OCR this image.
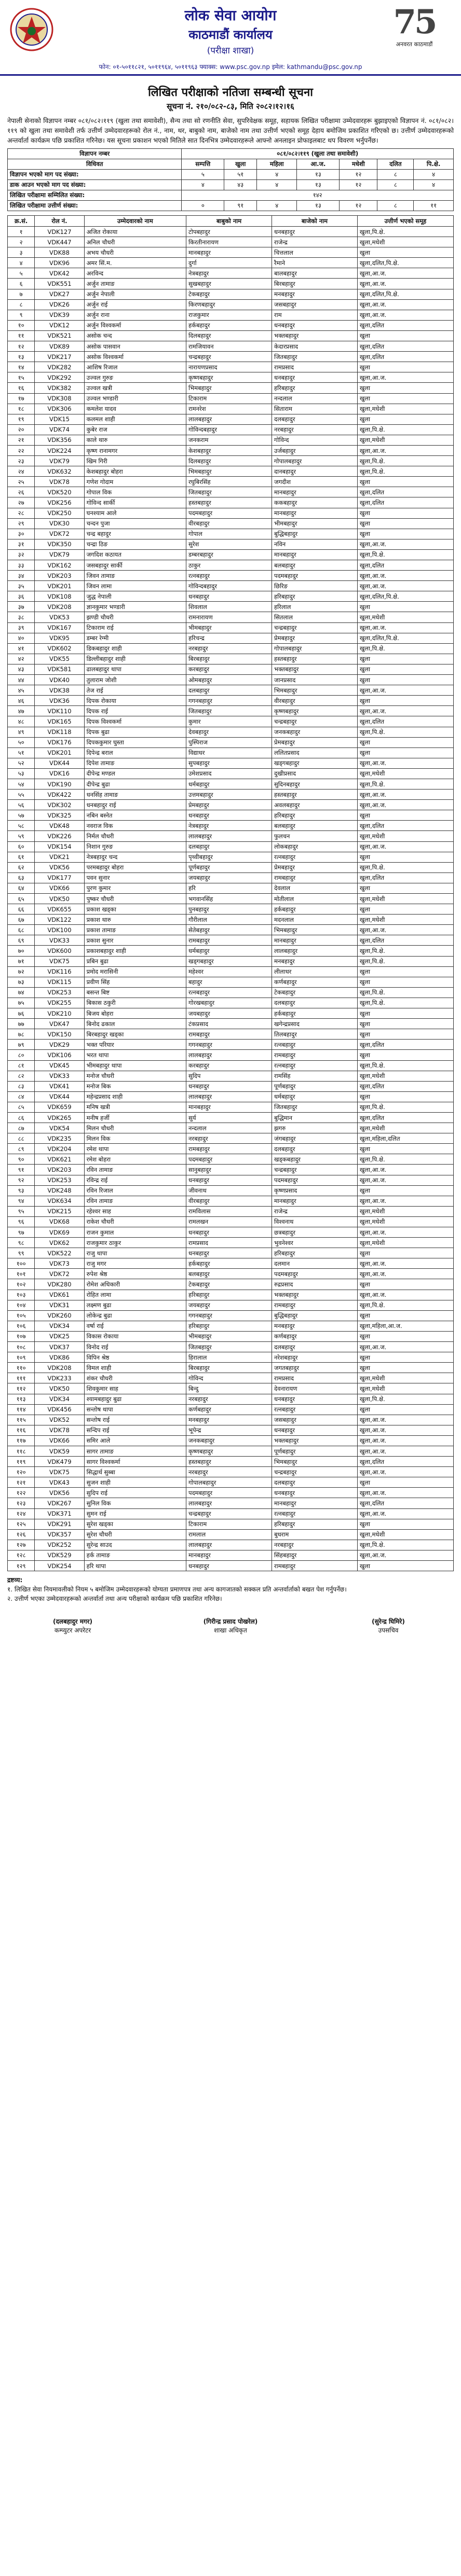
लोक सेवा आयोग
काठमाडौं कार्यालय
(परीक्षा शाखा)
75
अनवरत काठमाडौं
फोन: ०१-५०११८२१, ५०११९६४, ५०११९६३ फ्याक्स: www.psc.gov.np इमेल: kathmandu@psc.gov.np
लिखित परीक्षाको नतिजा सम्बन्धी सूचना
सूचना नं. २१०/०८२-८३, मिति २०८२।१२।१६
नेपाली सेनाको विज्ञापन नम्बर ०८१/०८२।११९ (खुला तथा समावेशी), सैन्य तथा सो रणनीति सेवा, सुपरिवेक्षक समूह, सहायक लिखित परीक्षामा उम्मेदवारहरू बुझाइएको विज्ञापन नं. ०८१/०८२।११९ को खुला तथा समावेशी तर्फ उत्तीर्ण उम्मेदवारहरूको रोल नं., नाम, थर, बाबुको नाम, बाजेको नाम तथा उत्तीर्ण भएको समूह देहाय बमोजिम प्रकाशित गरिएको छ। उत्तीर्ण उम्मेदवारहरूको अन्तर्वार्ता कार्यक्रम पछि प्रकाशित गरिनेछ। यस सूचना प्रकाशन भएको मितिले सात दिनभित्र उम्मेदवारहरूले आफ्नो अनलाइन प्रोफाइलबाट थप विवरण भर्नुपर्नेछ।
विज्ञापन नम्बर	०८१/०८२।११९ (खुला तथा समावेशी)						
विधिवत	सम्पत्ति	खुला	महिला	आ.ज.	मधेशी	दलित	पि.क्षे.
विज्ञापन भएको माग पद संख्या:	५	५१	४	१३	१२	८	४
डाक आउन भएको माग पद संख्या:	४	४३	४	१३	१२	८	४
लिखित परीक्षामा सम्मिलित संख्या:	१४२						
लिखित परीक्षामा उत्तीर्ण संख्या:	०	९१	४	१३	१२	८	११
क्र.सं.	रोल नं.	उम्मेदवारको नाम	बाबुको नाम	बाजेको नाम	उत्तीर्ण भएको समूह
१	VDK127	अजित रोकाया	टोपबहादुर	धनबहादुर	खुला,पि.क्षे.
२	VDK447	अनिल चौधरी	किरतीनारायण	राजेन्द्र	खुला,मधेशी
३	VDK88	अभय चौधरी	मानबहादुर	चित्तलाल	खुला
४	VDK96	अमर सिं.म.	दुर्गा	रैमाने	खुला,दलित,पि.क्षे.
५	VDK42	अरविन्द	नेत्रबहादुर	बालबहादुर	खुला,आ.ज.
६	VDK551	अर्जुन तामाङ	सुखबहादुर	बिरबहादुर	खुला,आ.ज.
७	VDK27	अर्जुन नेपाली	टेकबहादुर	मनबहादुर	खुला,दलित,पि.क्षे.
८	VDK26	अर्जुन राई	किरणबहादुर	जसबहादुर	खुला,आ.ज.
९	VDK39	अर्जुन राना	राजकुमार	राम	खुला,आ.ज.
१०	VDK12	अर्जुन विश्वकर्मा	हर्कबहादुर	धनबहादुर	खुला,दलित
११	VDK521	असोक चन्द	दिलबहादुर	भक्तबहादुर	खुला
१२	VDK89	असोक पासवान	रामजियावन	केदारप्रसाद	खुला,दलित
१३	VDK217	असोक विश्वकर्मा	चन्द्रबहादुर	जितबहादुर	खुला,दलित
१४	VDK282	आशिष रिजाल	नारायणप्रसाद	रामप्रसाद	खुला
१५	VDK292	उज्वल गुरुङ	कृष्णबहादुर	धनबहादुर	खुला,आ.ज.
१६	VDK382	उज्वल खत्री	भिमबहादुर	हरिबहादुर	खुला
१७	VDK308	उज्वल भण्डारी	टिकाराम	नन्दलाल	खुला
१८	VDK306	कमलेश यादव	रामनरेश	सिताराम	खुला,मधेशी
१९	VDK15	कलमल शाही	लालबहादुर	दलबहादुर	खुला
२०	VDK74	कुबेर राज	गोविन्दबहादुर	नरबहादुर	खुला,पि.क्षे.
२१	VDK356	काले थारु	जनकराम	गोविन्द	खुला,मधेशी
२२	VDK224	कृष्ण रानामगर	केशबहादुर	उर्जबहादुर	खुला,आ.ज.
२३	VDK79	खिम गिरी	दिलबहादुर	गोपालबहादुर	खुला,पि.क्षे.
२४	VDK632	केशबहादुर बोहरा	भिमबहादुर	दानबहादुर	खुला,पि.क्षे.
२५	VDK78	गणेश गोदाम	रघुबिरसिंह	जगदीश	खुला
२६	VDK520	गोपाल विक	जितबहादुर	मानबहादुर	खुला,दलित
२७	VDK256	गोविन्द सार्की	हस्तबहादुर	ककबहादुर	खुला,दलित
२८	VDK250	घनश्याम आले	पदमबहादुर	मानबहादुर	खुला
२९	VDK30	चन्दन पुजा	वीरबहादुर	भीमबहादुर	खुला
३०	VDK72	चन्द्र बहादुर	गोपाल	बुद्धिबहादुर	खुला
३१	VDK350	चन्द्रा ठिङ	सुरेश	नविन	खुला,आ.ज.
३२	VDK79	जगदिश कठायत	डम्बरबहादुर	मानबहादुर	खुला,पि.क्षे.
३३	VDK162	जसबहादुर सार्की	ठाकुर	बलबहादुर	खुला,दलित
३४	VDK203	जिवन तामाङ	रत्नबहादुर	पदमबहादुर	खुला,आ.ज.
३५	VDK201	जिवन लामा	गोविन्दबहादुर	छिरिङ	खुला,आ.ज.
३६	VDK108	जुद्ध नेपाली	धनबहादुर	हरिबहादुर	खुला,दलित,पि.क्षे.
३७	VDK208	ज्ञानकुमार भण्डारी	शिवलाल	हरिलाल	खुला
३८	VDK53	झण्डी चौधरी	रामनारायण	सितलाल	खुला,मधेशी
३९	VDK167	टिकाराम राई	भीमबहादुर	चन्द्रबहादुर	खुला,आ.ज.
४०	VDK95	डम्बर रेग्मी	हरिचन्द्र	प्रेमबहादुर	खुला,दलित,पि.क्षे.
४१	VDK602	डिकबहादुर शाही	नरबहादुर	गोपालबहादुर	खुला,पि.क्षे.
४२	VDK55	डिल्लीबहादुर शाही	बिरबहादुर	हस्तबहादुर	खुला
४३	VDK581	ढालबहादुर थापा	करबहादुर	भक्तबहादुर	खुला
४४	VDK40	तुलाराम जोशी	ओमबहादुर	जानप्रसाद	खुला
४५	VDK38	तेज राई	दलबहादुर	भिमबहादुर	खुला,आ.ज.
४६	VDK36	दिपक रोकाया	गगनबहादुर	वीरबहादुर	खुला
४७	VDK110	दिपक राई	जितबहादुर	कृष्णबहादुर	खुला,आ.ज.
४८	VDK165	दिपक विश्वकर्मा	कुमार	चन्द्रबहादुर	खुला,दलित
४९	VDK118	दिपक बुढा	देवबहादुर	जनकबहादुर	खुला,पि.क्षे.
५०	VDK176	दिपककुमार घुस्ता	पुस्पिराज	प्रेमबहादुर	खुला
५१	VDK201	दिपेन्द्र बराल	विद्याधर	ललितप्रसाद	खुला
५२	VDK44	दिपेश तामाङ	सुपबहादुर	खड्गबहादुर	खुला,आ.ज.
५३	VDK16	दीपेन्द्र मण्डल	उमेशप्रसाद	दुखीप्रसाद	खुला,मधेशी
५४	VDK190	दीपेन्द्र बुढा	धर्मबहादुर	सुदिनबहादुर	खुला,पि.क्षे.
५५	VDK422	धनसिंह तामाङ	उत्तमबहादुर	हस्तबहादुर	खुला,आ.ज.
५६	VDK302	धनबहादुर राई	प्रेमबहादुर	अवलबहादुर	खुला,आ.ज.
५७	VDK325	नबिन बस्नेत	धनबहादुर	हरिबहादुर	खुला
५८	VDK48	नवराज विक	नेत्रबहादुर	बलबहादुर	खुला,दलित
५९	VDK226	निर्मल चौधरी	लालबहादुर	फुलचन	खुला,मधेशी
६०	VDK154	निशान गुरुङ	दलबहादुर	लोकबहादुर	खुला,आ.ज.
६१	VDK21	नेत्रबहादुर चन्द	पृथ्वीबहादुर	रत्नबहादुर	खुला
६२	VDK56	परमबहादुर बोहरा	पूर्णबहादुर	प्रेमबहादुर	खुला,पि.क्षे.
६३	VDK177	पवन सुनार	जयबहादुर	रामबहादुर	खुला,दलित
६४	VDK66	पुरण कुमार	हरि	देवलाल	खुला
६५	VDK50	पुष्कर चौधरी	भगवानसिंह	मोतीलाल	खुला,मधेशी
६६	VDK655	प्रकाश खड्का	पुनबहादुर	हर्कबहादुर	खुला
६७	VDK122	प्रकाश थारु	गौरीलाल	मदनलाल	खुला,मधेशी
६८	VDK100	प्रकाश तामाङ	सेतेबहादुर	भिमबहादुर	खुला,आ.ज.
६९	VDK33	प्रकाश सुनार	रामबहादुर	मानबहादुर	खुला,दलित
७०	VDK600	प्रकाशबहादुर शाही	धर्मबहादुर	लालबहादुर	खुला,पि.क्षे.
७१	VDK75	प्रबिन बुढा	खड्गबहादुर	मनबहादुर	खुला,पि.क्षे.
७२	VDK116	प्रमोद मरासिनी	महेश्वर	लीलाधर	खुला
७३	VDK115	प्रवीण सिंह	बहादुर	कर्णबहादुर	खुला
७४	VDK253	बसन्त बिष्ट	रत्नबहादुर	टेकबहादुर	खुला,पि.क्षे.
७५	VDK255	बिकास ठकुरी	गोरखबहादुर	दलबहादुर	खुला,पि.क्षे.
७६	VDK210	बिजय बोहरा	जयबहादुर	हर्कबहादुर	खुला
७७	VDK47	बिनोद ढकाल	टंकप्रसाद	खगेन्द्रप्रसाद	खुला
७८	VDK150	बिरबहादुर खड्का	रामबहादुर	तिलबहादुर	खुला
७९	VDK29	भक्त परियार	गगनबहादुर	रत्नबहादुर	खुला,दलित
८०	VDK106	भरत थापा	लालबहादुर	रामबहादुर	खुला
८१	VDK45	भीमबहादुर थापा	करबहादुर	रत्नबहादुर	खुला,पि.क्षे.
८२	VDK33	मनोज चौधरी	सुदिप	रामसिंह	खुला,मधेशी
८३	VDK41	मनोज बिक	धनबहादुर	पूर्णबहादुर	खुला,दलित
८४	VDK44	महेन्द्रप्रसाद शाही	लालबहादुर	धर्मबहादुर	खुला
८५	VDK659	मनिष खत्री	मानबहादुर	जितबहादुर	खुला,पि.क्षे.
८६	VDK265	मनीष हर्जी	सुर्य	बुद्धिमान	खुला,दलित
८७	VDK54	मिलन चौधरी	नन्दलाल	झगरु	खुला,मधेशी
८८	VDK235	मिलन विक	नरबहादुर	जंगबहादुर	खुला,महिला,दलित
८९	VDK204	रमेश थापा	रामबहादुर	दलबहादुर	खुला
९०	VDK621	रमेश बोहरा	पदमबहादुर	खड्कबहादुर	खुला,पि.क्षे.
९१	VDK203	रविन तामाङ	सानुबहादुर	चन्द्रबहादुर	खुला,आ.ज.
९२	VDK253	रविन्द्र राई	धनबहादुर	पदमबहादुर	खुला,आ.ज.
९३	VDK248	रविन रिजाल	जीवनाथ	कृष्णप्रसाद	खुला
९४	VDK634	रविन तामाङ	वीरबहादुर	मानबहादुर	खुला,आ.ज.
९५	VDK215	रहेश्वर साह	रामविलास	राजेन्द्र	खुला,मधेशी
९६	VDK68	राकेश चौधरी	रामलखन	विश्वनाथ	खुला,मधेशी
९७	VDK69	राजन कुमाल	धनबहादुर	छत्रबहादुर	खुला,आ.ज.
९८	VDK62	राजकुमार ठाकुर	रामप्रसाद	भुवनेश्वर	खुला,मधेशी
९९	VDK522	राजु थापा	धनबहादुर	हरिबहादुर	खुला
१००	VDK73	राजु मगर	हर्कबहादुर	दलमान	खुला,आ.ज.
१०१	VDK72	रुपेश श्रेष्ठ	बलबहादुर	पदमबहादुर	खुला,आ.ज.
१०२	VDK280	रोमेश अधिकारी	टेकबहादुर	रुद्रप्रसाद	खुला
१०३	VDK61	रोहित लामा	हरिबहादुर	भक्तबहादुर	खुला,आ.ज.
१०४	VDK31	लक्ष्मण बुढा	जयबहादुर	रामबहादुर	खुला,पि.क्षे.
१०५	VDK260	लोकेन्द्र बुढा	गगनबहादुर	बुद्धिबहादुर	खुला
१०६	VDK34	वर्षा राई	हरिबहादुर	मनबहादुर	खुला,महिला,आ.ज.
१०७	VDK25	विकास रोकाया	भीमबहादुर	कर्णबहादुर	खुला
१०८	VDK37	विनोद राई	जितबहादुर	दलबहादुर	खुला,आ.ज.
१०९	VDK86	विपिन श्रेष्ठ	हिरालाल	नरेशबहादुर	खुला
११०	VDK208	विमल शाही	बिरबहादुर	जगतबहादुर	खुला
१११	VDK233	शंकर चौधरी	गोविन्द	रामप्रसाद	खुला,मधेशी
११२	VDK50	शिवकुमार साह	बिन्दु	देवनारायण	खुला,मधेशी
११३	VDK34	श्यामबहादुर बुढा	नरबहादुर	धनबहादुर	खुला,पि.क्षे.
११४	VDK456	सन्तोष थापा	कर्णबहादुर	रत्नबहादुर	खुला
११५	VDK52	सन्तोष राई	मनबहादुर	जसबहादुर	खुला,आ.ज.
११६	VDK78	सन्दिप राई	भूपेन्द्र	धनबहादुर	खुला,आ.ज.
११७	VDK66	समिर आले	जनकबहादुर	भक्तबहादुर	खुला,आ.ज.
११८	VDK59	सागर तामाङ	कृष्णबहादुर	पूर्णबहादुर	खुला,आ.ज.
११९	VDK479	सागर विश्वकर्मा	हस्तबहादुर	भिमबहादुर	खुला,दलित
१२०	VDK75	सिद्धार्थ सुब्बा	नरबहादुर	चन्द्रबहादुर	खुला,आ.ज.
१२१	VDK43	सुजन शाही	गोपालबहादुर	दलबहादुर	खुला
१२२	VDK56	सुदिप राई	पदमबहादुर	धनबहादुर	खुला,आ.ज.
१२३	VDK267	सुनिल विक	लालबहादुर	मानबहादुर	खुला,दलित
१२४	VDK371	सुमन राई	चन्द्रबहादुर	रत्नबहादुर	खुला,आ.ज.
१२५	VDK291	सुरेश खड्का	टिकाराम	हरिबहादुर	खुला
१२६	VDK357	सुरेश चौधरी	रामलाल	बुधराम	खुला,मधेशी
१२७	VDK252	सुरेन्द्र साउद	लालबहादुर	नरबहादुर	खुला,पि.क्षे.
१२८	VDK529	हर्क तामाङ	मानबहादुर	सिंहबहादुर	खुला,आ.ज.
१२९	VDK254	हरि थापा	धनबहादुर	रामबहादुर	खुला
द्रष्टव्य:
१. लिखित सेवा नियमावलीको नियम ५ बमोजिम उम्मेदवारहरूको योग्यता प्रमाणपत्र तथा अन्य कागजातको सक्कल प्रति अन्तर्वार्ताको बखत पेश गर्नुपर्नेछ।
२. उत्तीर्ण भएका उम्मेदवारहरूको अन्तर्वार्ता तथा अन्य परीक्षाको कार्यक्रम पछि प्रकाशित गरिनेछ।
(दलबहादुर मगर)
कम्प्युटर अपरेटर
(गिरीन्द्र प्रसाद पोखरेल)
शाखा अधिकृत
(सुरेन्द्र घिमिरे)
उपसचिव
